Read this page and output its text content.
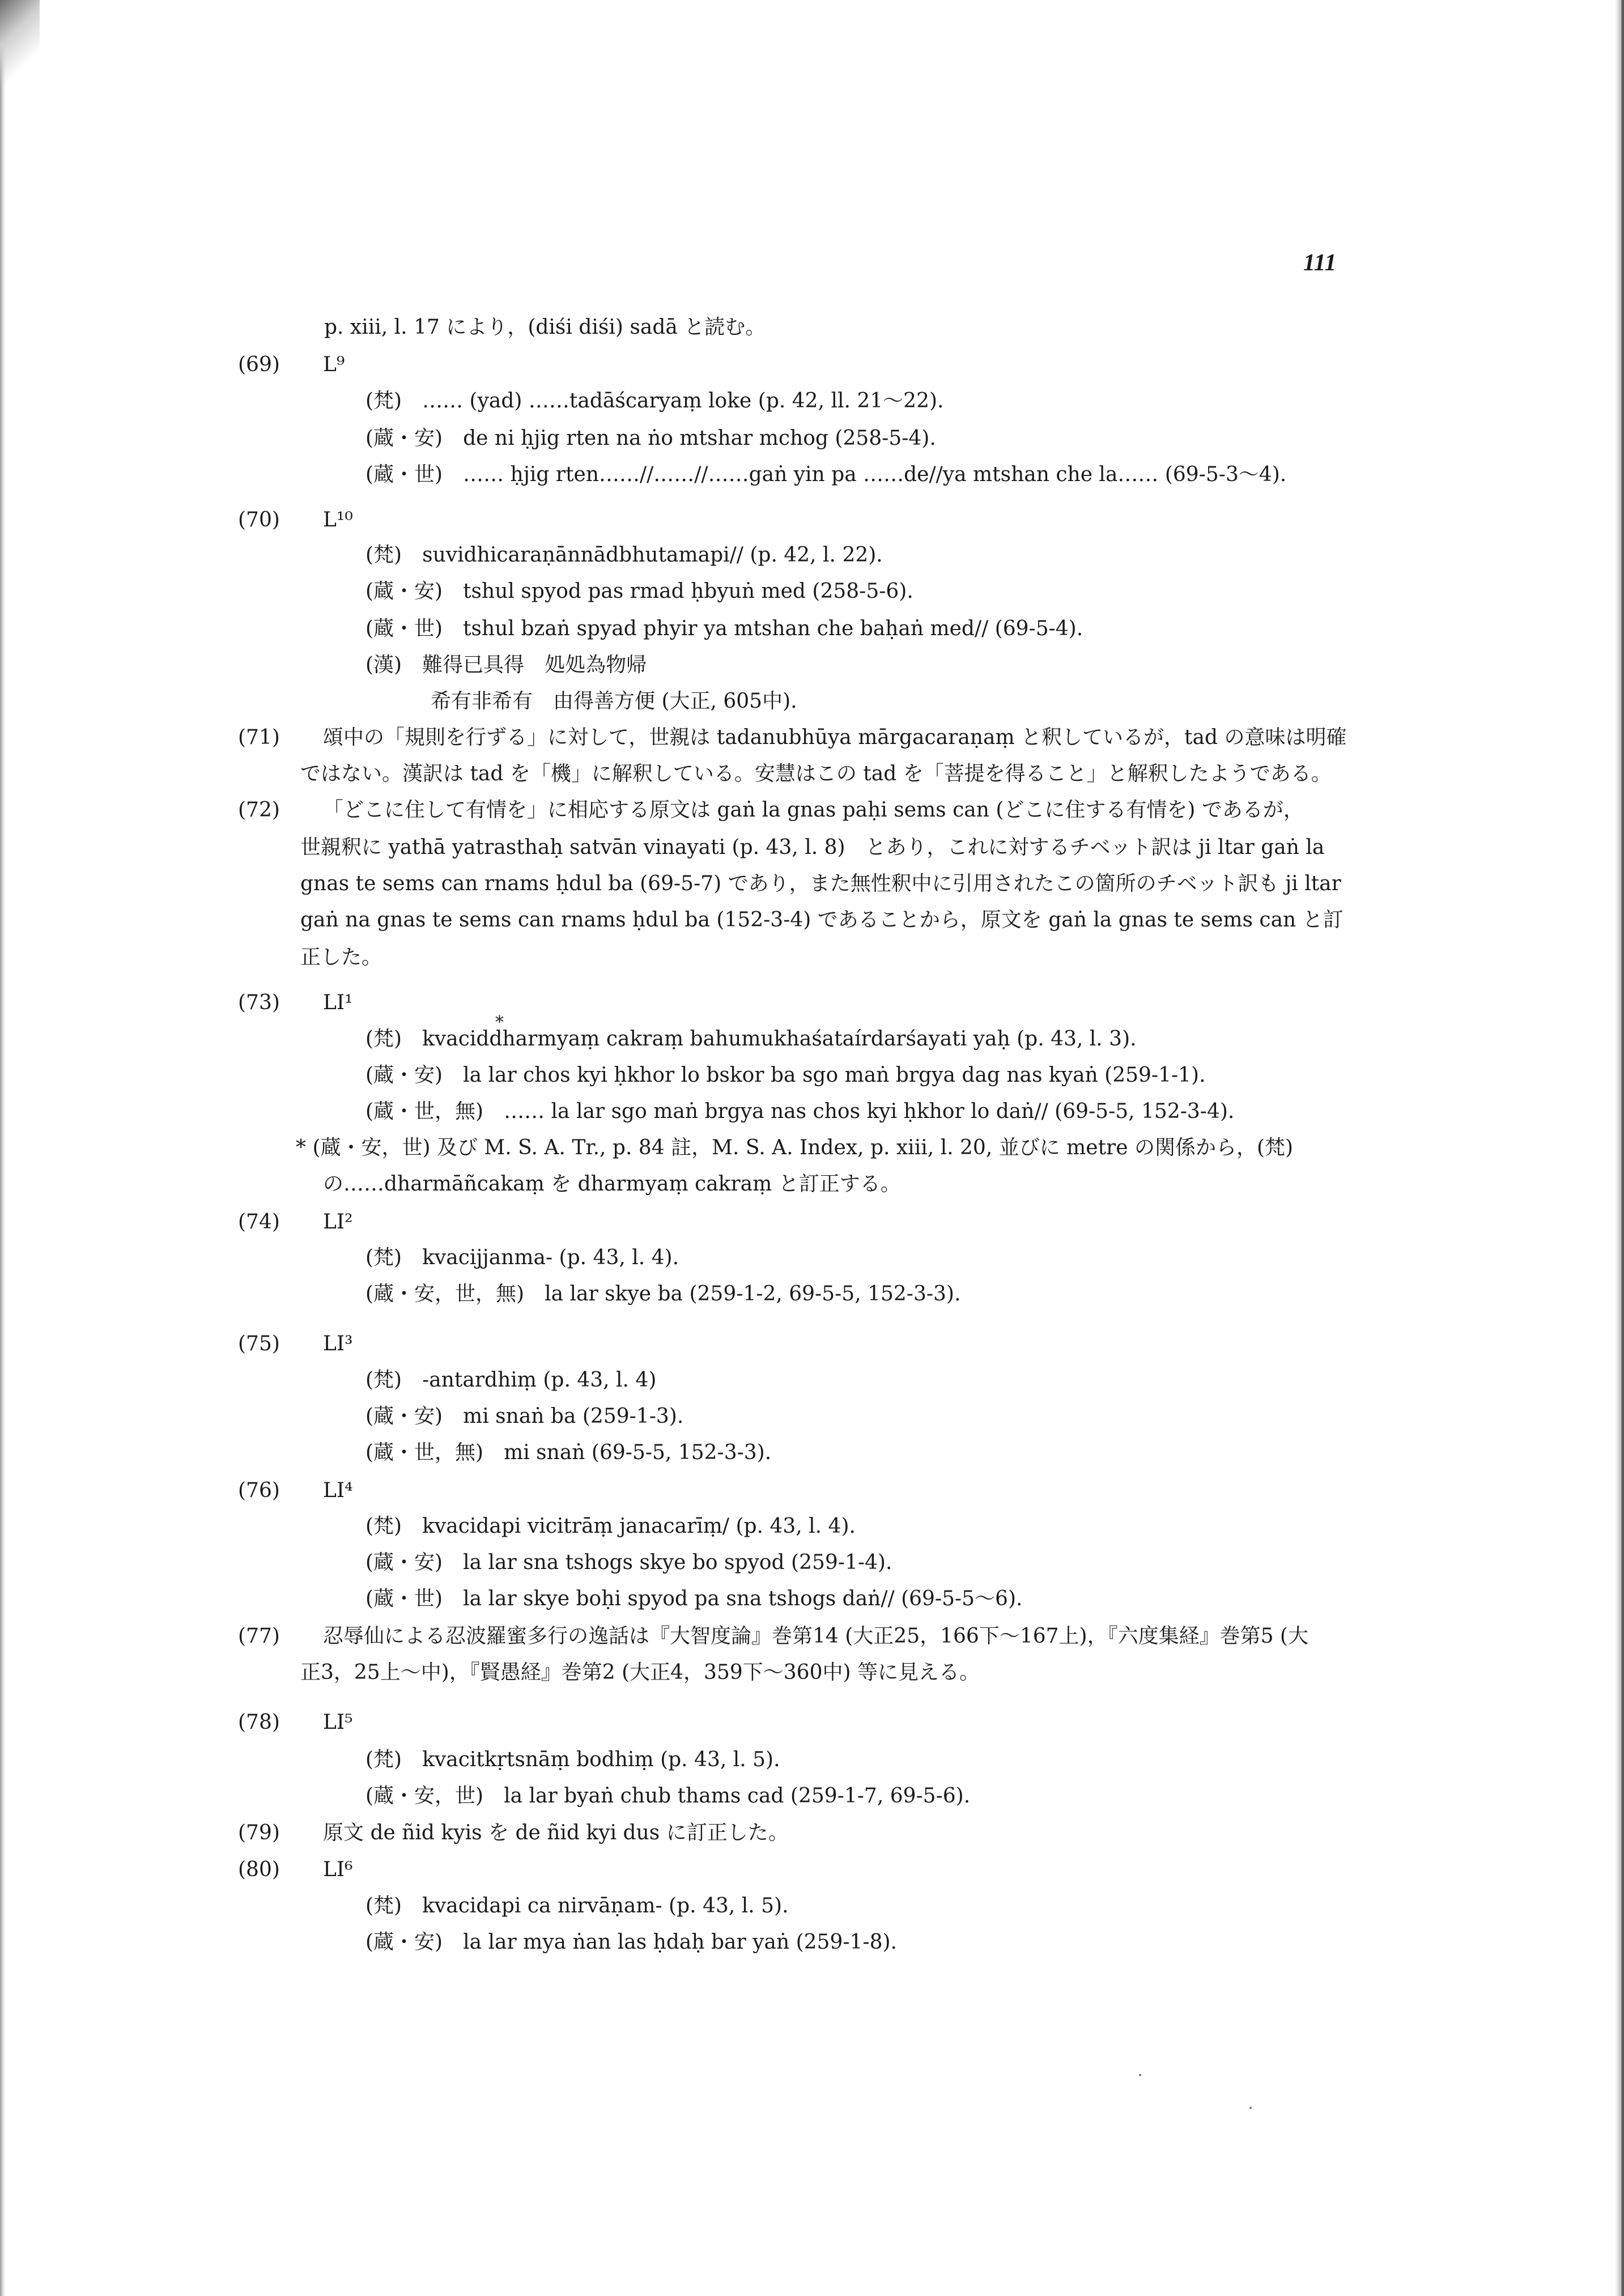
111
(69)
(70)
(71)
(72)
(73)
(74)
(75)
(76)
(77)
(78)
(79)
(80)
p. xiii, l. 17 により，(diśi diśi) sadā と読む。
L⁹
(梵)　…… (yad) ……tadāścaryaṃ loke (p. 42, ll. 21～22).
(蔵・安)　de ni ḥjig rten na ṅo mtshar mchog (258-5-4).
(蔵・世)　…… ḥjig rten……//……//……gaṅ yin pa ……de//ya mtshan che la…… (69-5-3～4).
L¹⁰
(梵)　suvidhicaraṇānnādbhutamapi// (p. 42, l. 22).
(蔵・安)　tshul spyod pas rmad ḥbyuṅ med (258-5-6).
(蔵・世)　tshul bzaṅ spyad phyir ya mtshan che baḥaṅ med// (69-5-4).
(漢)　難得已具得　処処為物帰
希有非希有　由得善方便 (大正, 605中).
頌中の「規則を行ずる」に対して，世親は tadanubhūya mārgacaraṇaṃ と釈しているが，tad の意味は明確
ではない。漢訳は tad を「機」に解釈している。安慧はこの tad を「菩提を得ること」と解釈したようである。
「どこに住して有情を」に相応する原文は gaṅ la gnas paḥi sems can (どこに住する有情を) であるが，
世親釈に yathā yatrasthaḥ satvān vinayati (p. 43, l. 8)　とあり，これに対するチベット訳は ji ltar gaṅ la
gnas te sems can rnams ḥdul ba (69-5-7) であり，また無性釈中に引用されたこの箇所のチベット訳も ji ltar
gaṅ na gnas te sems can rnams ḥdul ba (152-3-4) であることから，原文を gaṅ la gnas te sems can と訂
正した。
LI¹
*
(梵)　kvaciddharmyaṃ cakraṃ bahumukhaśataírdarśayati yaḥ (p. 43, l. 3).
(蔵・安)　la lar chos kyi ḥkhor lo bskor ba sgo maṅ brgya dag nas kyaṅ (259-1-1).
(蔵・世，無)　…… la lar sgo maṅ brgya nas chos kyi ḥkhor lo daṅ// (69-5-5, 152-3-4).
* (蔵・安，世) 及び M. S. A. Tr., p. 84 註，M. S. A. Index, p. xiii, l. 20, 並びに metre の関係から，(梵)
の……dharmāñcakaṃ を dharmyaṃ cakraṃ と訂正する。
LI²
(梵)　kvacijjanma- (p. 43, l. 4).
(蔵・安，世，無)　la lar skye ba (259-1-2, 69-5-5, 152-3-3).
LI³
(梵)　-antardhiṃ (p. 43, l. 4)
(蔵・安)　mi snaṅ ba (259-1-3).
(蔵・世，無)　mi snaṅ (69-5-5, 152-3-3).
LI⁴
(梵)　kvacidapi vicitrāṃ janacarīṃ/ (p. 43, l. 4).
(蔵・安)　la lar sna tshogs skye bo spyod (259-1-4).
(蔵・世)　la lar skye boḥi spyod pa sna tshogs daṅ// (69-5-5～6).
忍辱仙による忍波羅蜜多行の逸話は『大智度論』巻第14 (大正25，166下～167上)，『六度集経』巻第5 (大
正3，25上～中)，『賢愚経』巻第2 (大正4，359下～360中) 等に見える。
LI⁵
(梵)　kvacitkṛtsnāṃ bodhiṃ (p. 43, l. 5).
(蔵・安，世)　la lar byaṅ chub thams cad (259-1-7, 69-5-6).
原文 de ñid kyis を de ñid kyi dus に訂正した。
LI⁶
(梵)　kvacidapi ca nirvāṇam- (p. 43, l. 5).
(蔵・安)　la lar mya ṅan las ḥdaḥ bar yaṅ (259-1-8).
